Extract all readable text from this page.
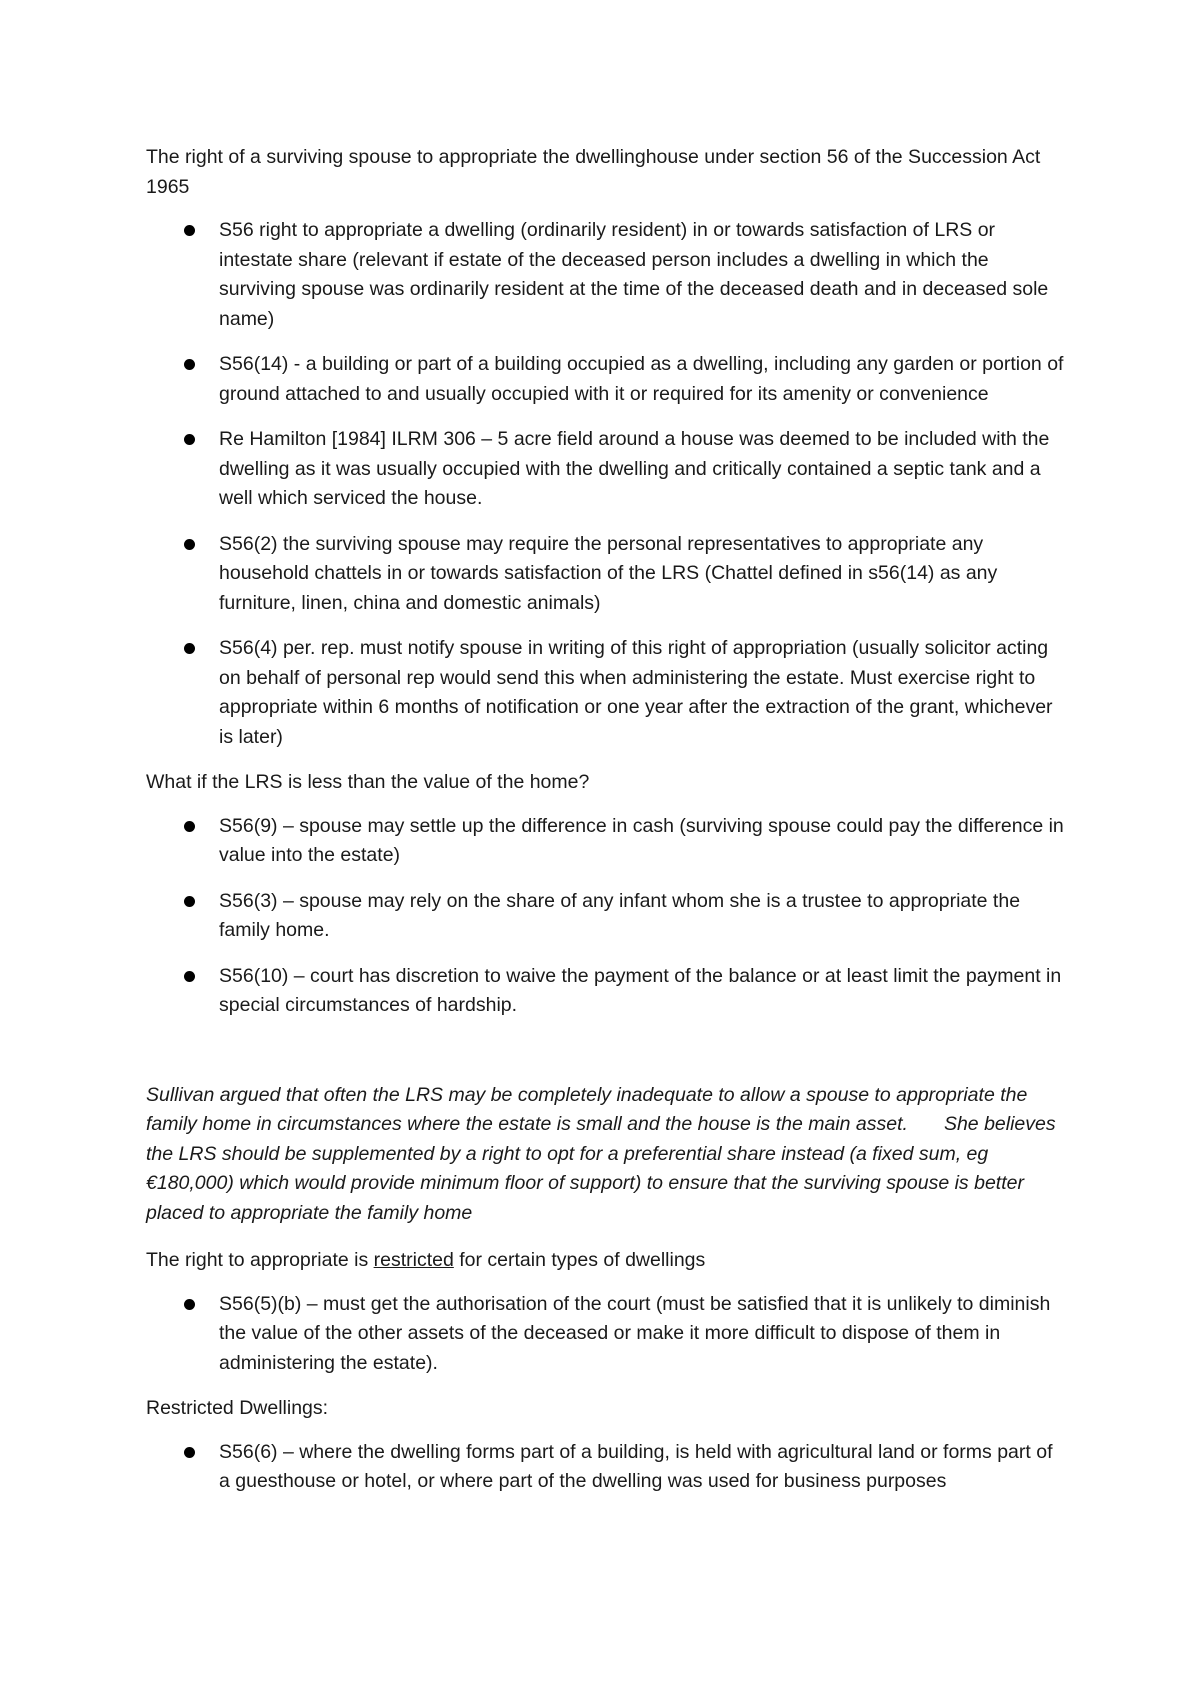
The right of a surviving spouse to appropriate the dwellinghouse under section 56 of the Succession Act 1965

S56 right to appropriate a dwelling (ordinarily resident) in or towards satisfaction of LRS or intestate share (relevant if estate of the deceased person includes a dwelling in which the surviving spouse was ordinarily resident at the time of the deceased death and in deceased sole name)
S56(14) - a building or part of a building occupied as a dwelling, including any garden or portion of ground attached to and usually occupied with it or required for its amenity or convenience
Re Hamilton [1984] ILRM 306 – 5 acre field around a house was deemed to be included with the dwelling as it was usually occupied with the dwelling and critically contained a septic tank and a well which serviced the house.
S56(2) the surviving spouse may require the personal representatives to appropriate any household chattels in or towards satisfaction of the LRS (Chattel defined in s56(14) as any furniture, linen, china and domestic animals)
S56(4) per. rep. must notify spouse in writing of this right of appropriation (usually solicitor acting on behalf of personal rep would send this when administering the estate. Must exercise right to appropriate within 6 months of notification or one year after the extraction of the grant, whichever is later)

What if the LRS is less than the value of the home?

S56(9) – spouse may settle up the difference in cash (surviving spouse could pay the difference in value into the estate)
S56(3) – spouse may rely on the share of any infant whom she is a trustee to appropriate the family home.
S56(10) – court has discretion to waive the payment of the balance or at least limit the payment in special circumstances of hardship.

Sullivan argued that often the LRS may be completely inadequate to allow a spouse to appropriate the family home in circumstances where the estate is small and the house is the main asset. She believes the LRS should be supplemented by a right to opt for a preferential share instead (a fixed sum, eg €180,000) which would provide minimum floor of support) to ensure that the surviving spouse is better placed to appropriate the family home

The right to appropriate is restricted for certain types of dwellings

S56(5)(b) – must get the authorisation of the court (must be satisfied that it is unlikely to diminish the value of the other assets of the deceased or make it more difficult to dispose of them in administering the estate).

Restricted Dwellings:

S56(6) – where the dwelling forms part of a building, is held with agricultural land or forms part of a guesthouse or hotel, or where part of the dwelling was used for business purposes
